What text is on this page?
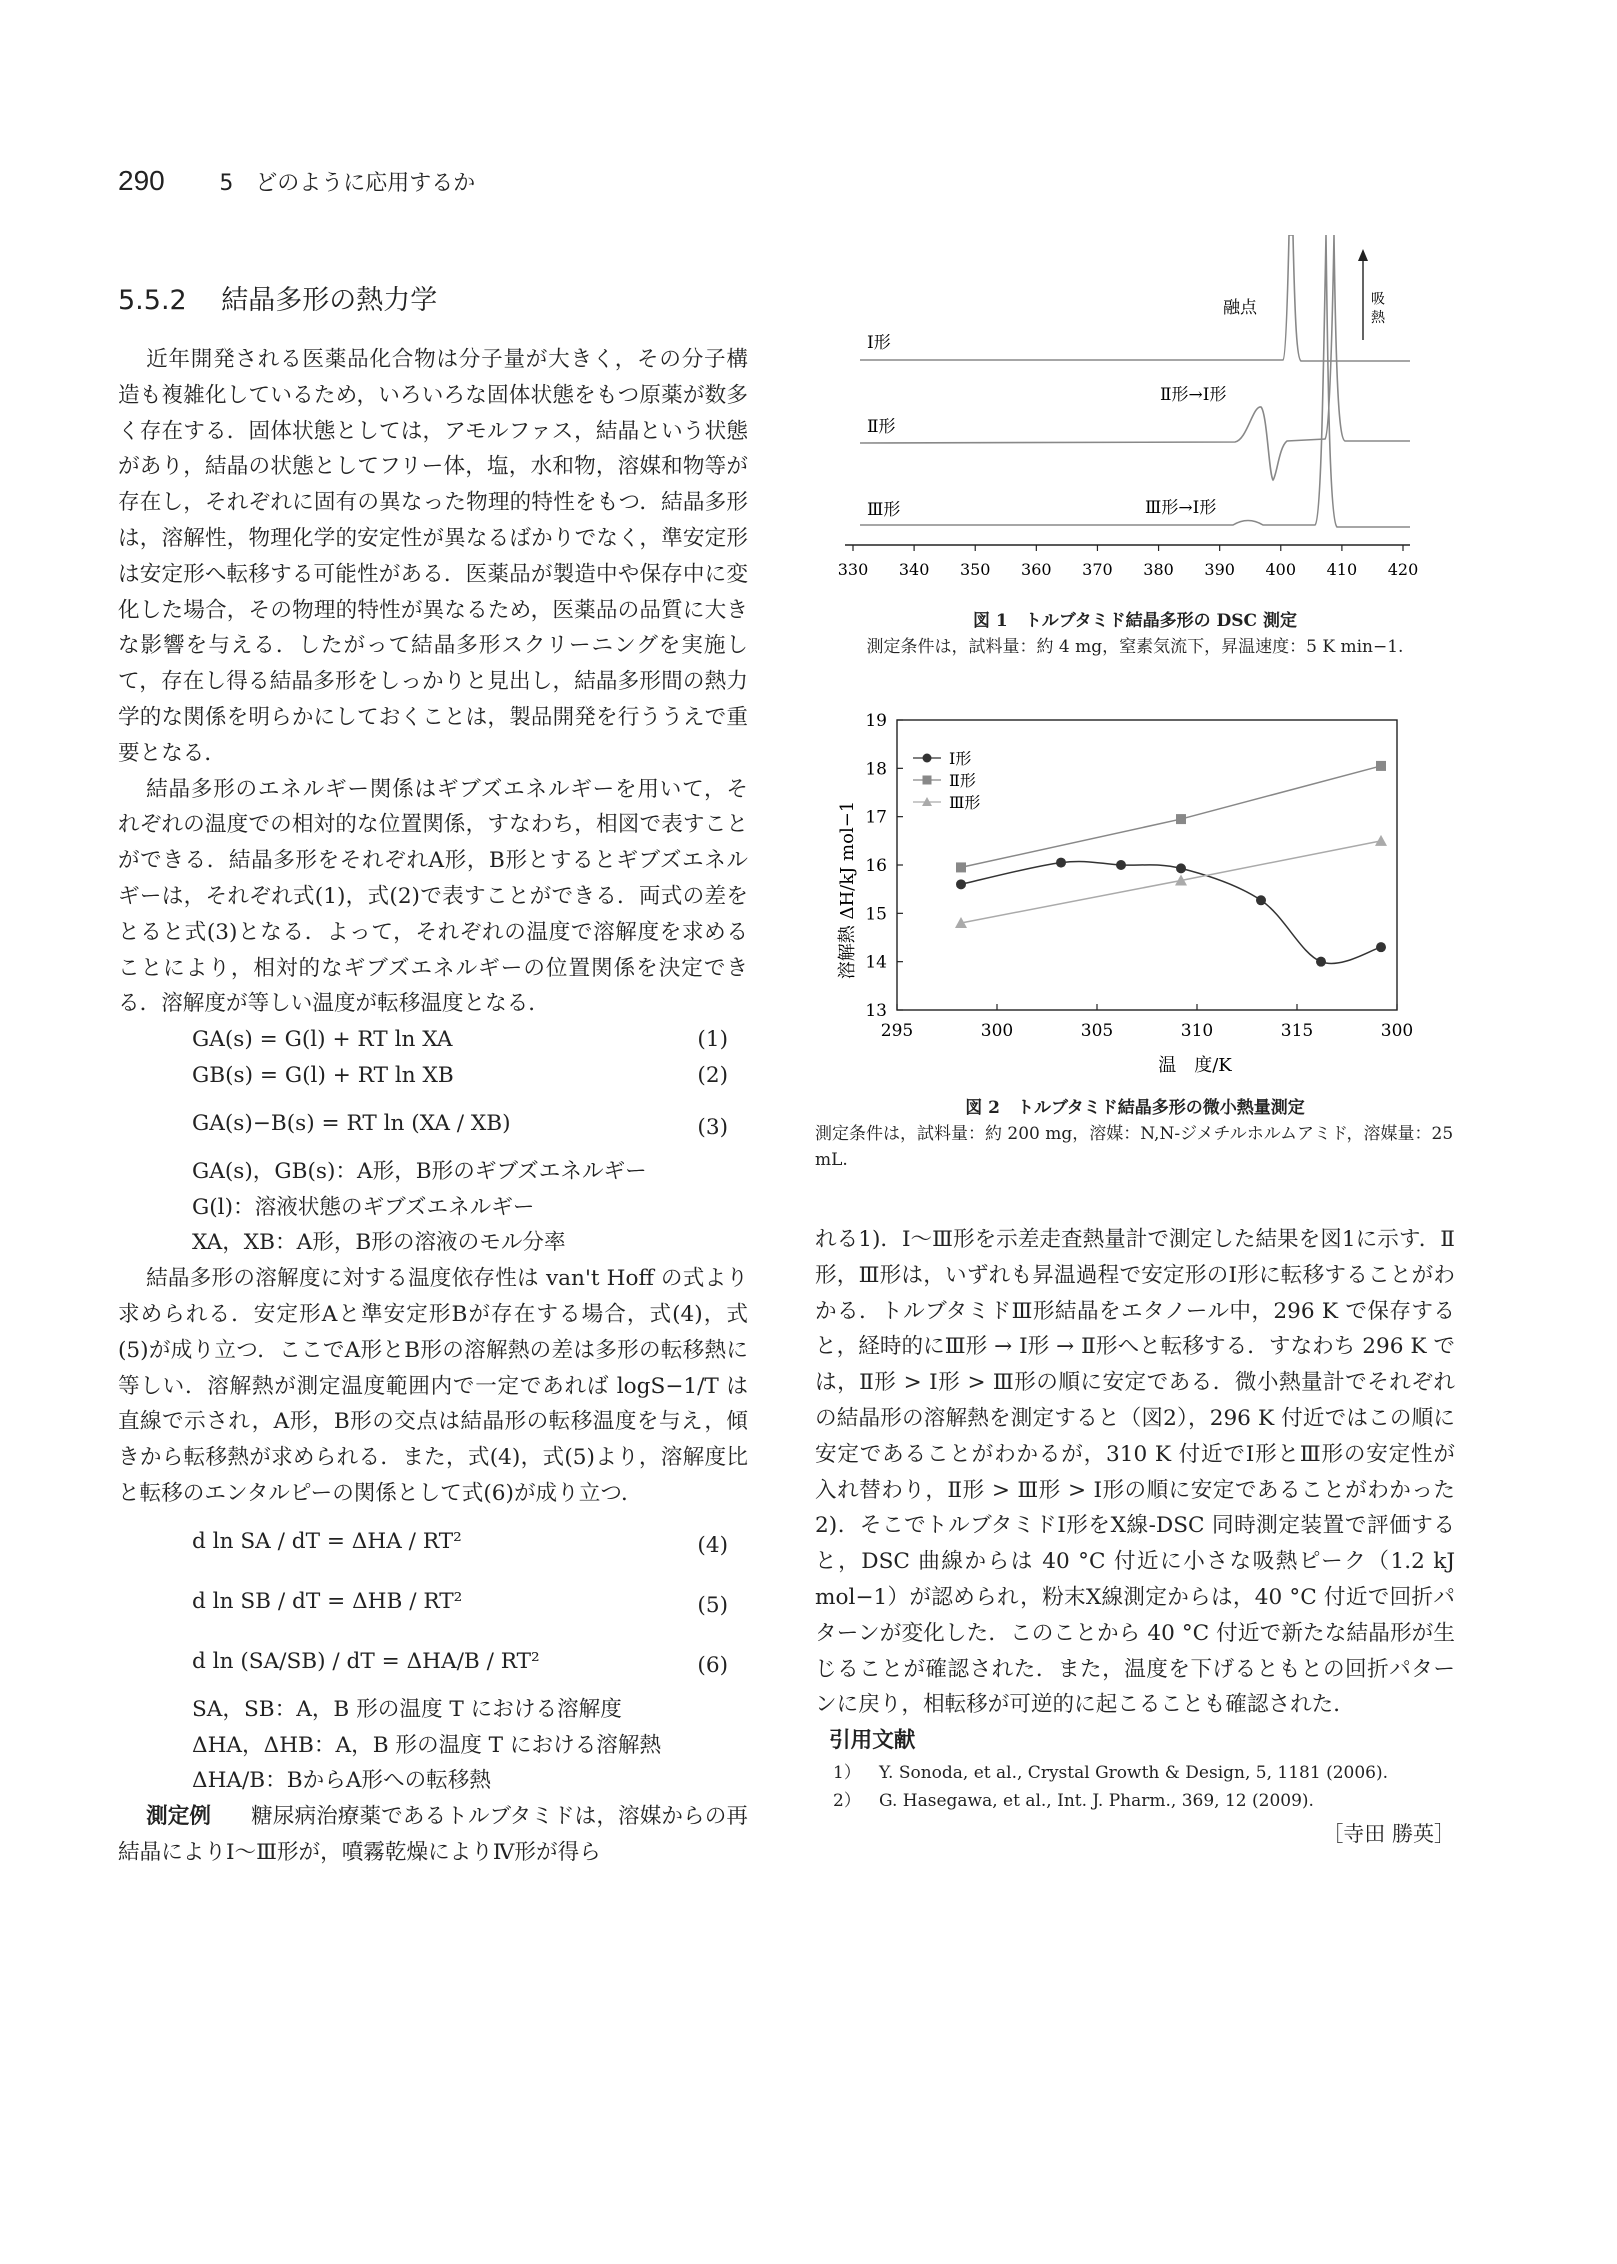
290 5　どのように応用するか
5.5.2 結晶多形の熱力学

近年開発される医薬品化合物は分子量が大きく，その分子構造も複雑化しているため，いろいろな固体状態をもつ原薬が数多く存在する．固体状態としては，アモルファス，結晶という状態があり，結晶の状態としてフリー体，塩，水和物，溶媒和物等が存在し，それぞれに固有の異なった物理的特性をもつ．結晶多形は，溶解性，物理化学的安定性が異なるばかりでなく，準安定形は安定形へ転移する可能性がある．医薬品が製造中や保存中に変化した場合，その物理的特性が異なるため，医薬品の品質に大きな影響を与える．したがって結晶多形スクリーニングを実施して，存在し得る結晶多形をしっかりと見出し，結晶多形間の熱力学的な関係を明らかにしておくことは，製品開発を行ううえで重要となる．

結晶多形のエネルギー関係はギブズエネルギーを用いて，それぞれの温度での相対的な位置関係，すなわち，相図で表すことができる．結晶多形をそれぞれA形，B形とするとギブズエネルギーは，それぞれ式(1)，式(2)で表すことができる．両式の差をとると式(3)となる．よって，それぞれの温度で溶解度を求めることにより，相対的なギブズエネルギーの位置関係を決定できる．溶解度が等しい温度が転移温度となる．

GA(s) = G(l) + RT ln XA	(1)
GB(s) = G(l) + RT ln XB	(2)
GA(s)−B(s) = RT ln (XA / XB)	(3)
GA(s)，GB(s)：A形，B形のギブズエネルギー
G(l)：溶液状態のギブズエネルギー
XA，XB：A形，B形の溶液のモル分率

結晶多形の溶解度に対する温度依存性は van't Hoff の式より求められる．安定形Aと準安定形Bが存在する場合，式(4)，式(5)が成り立つ．ここでA形とB形の溶解熱の差は多形の転移熱に等しい．溶解熱が測定温度範囲内で一定であれば logS−1/T は直線で示され，A形，B形の交点は結晶形の転移温度を与え，傾きから転移熱が求められる．また，式(4)，式(5)より，溶解度比と転移のエンタルピーの関係として式(6)が成り立つ．

d ln SA / dT = ΔHA / RT²	(4)
d ln SB / dT = ΔHB / RT²	(5)
d ln (SA/SB) / dT = ΔHA/B / RT²	(6)
SA，SB：A，B 形の温度 T における溶解度
ΔHA，ΔHB：A，B 形の温度 T における溶解熱
ΔHA/B：BからA形への転移熱

測定例 糖尿病治療薬であるトルブタミドは，溶媒からの再結晶によりⅠ～Ⅲ形が，噴霧乾燥によりⅣ形が得ら

330 340 350 360 370 380 390 400 410 420
Ⅰ形
Ⅱ形
Ⅲ形
融点
Ⅱ形→Ⅰ形
Ⅲ形→Ⅰ形
吸 熱
図 1　トルブタミド結晶多形の DSC 測定
測定条件は，試料量：約 4 mg，窒素気流下，昇温速度：5 K min−1.
295	300	305	310	315	300
13
14
15
16
17
18
19
Ⅰ形
Ⅱ形
Ⅲ形
温　度/K
溶解熱 ΔH/kJ mol−1
図 2　トルブタミド結晶多形の微小熱量測定
測定条件は，試料量：約 200 mg，溶媒：N,N-ジメチルホルムアミド，溶媒量：25 mL.

れる1)．Ⅰ～Ⅲ形を示差走査熱量計で測定した結果を図1に示す．Ⅱ形，Ⅲ形は，いずれも昇温過程で安定形のⅠ形に転移することがわかる．トルブタミドⅢ形結晶をエタノール中，296 K で保存すると，経時的にⅢ形 → Ⅰ形 → Ⅱ形へと転移する．すなわち 296 K では，Ⅱ形 > Ⅰ形 > Ⅲ形の順に安定である．微小熱量計でそれぞれの結晶形の溶解熱を測定すると（図2），296 K 付近ではこの順に安定であることがわかるが，310 K 付近でⅠ形とⅢ形の安定性が入れ替わり，Ⅱ形 > Ⅲ形 > Ⅰ形の順に安定であることがわかった2)．そこでトルブタミドⅠ形をX線-DSC 同時測定装置で評価すると，DSC 曲線からは 40 °C 付近に小さな吸熱ピーク（1.2 kJ mol−1）が認められ，粉末X線測定からは，40 °C 付近で回折パターンが変化した．このことから 40 °C 付近で新たな結晶形が生じることが確認された．また，温度を下げるともとの回折パターンに戻り，相転移が可逆的に起こることも確認された．

引用文献
1） Y. Sonoda, et al., Crystal Growth & Design, 5, 1181 (2006).
2） G. Hasegawa, et al., Int. J. Pharm., 369, 12 (2009).
［寺田 勝英］
